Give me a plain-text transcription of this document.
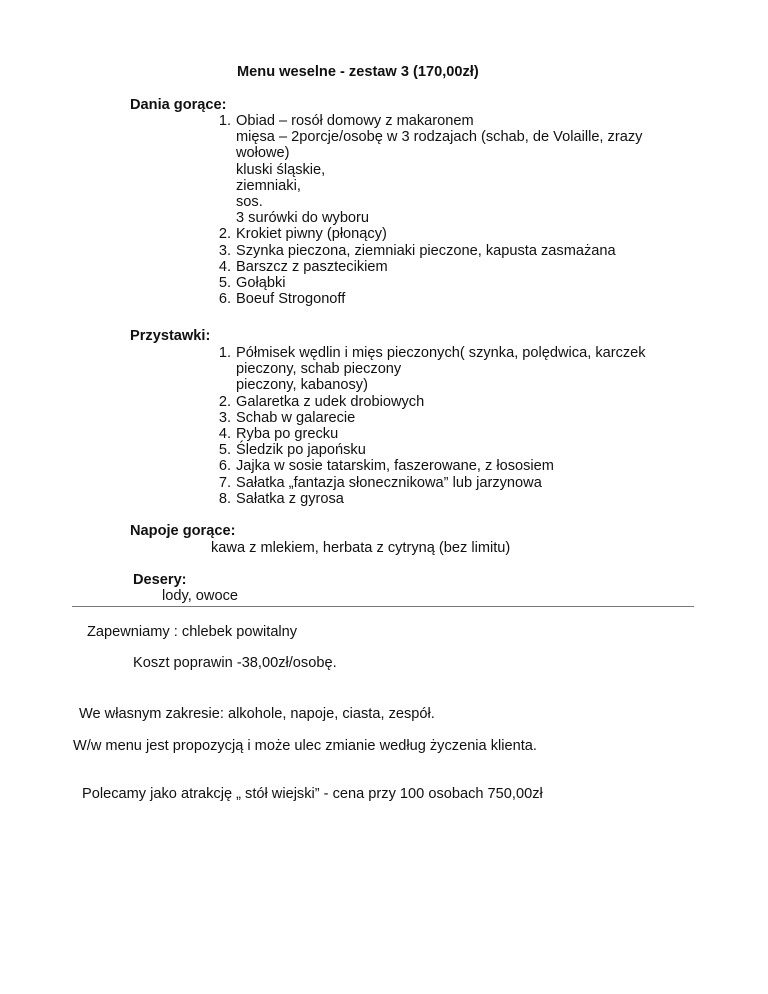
Menu weselne - zestaw 3 (170,00zł)
Dania gorące:
1. Obiad – rosół domowy z makaronem
mięsa – 2porcje/osobę w 3 rodzajach (schab, de Volaille, zrazy
wołowe)
kluski śląskie,
ziemniaki,
sos.
3 surówki do wyboru
2. Krokiet piwny (płonący)
3. Szynka pieczona, ziemniaki pieczone, kapusta zasmażana
4. Barszcz z pasztecikiem
5. Gołąbki
6. Boeuf Strogonoff
Przystawki:
1. Półmisek wędlin i mięs pieczonych( szynka, polędwica, karczek
pieczony, schab pieczony
pieczony, kabanosy)
2. Galaretka z udek drobiowych
3. Schab w galarecie
4. Ryba po grecku
5. Śledzik po japońsku
6. Jajka w sosie tatarskim, faszerowane, z łososiem
7. Sałatka „fantazja słonecznikowa” lub jarzynowa
8. Sałatka z gyrosa
Napoje gorące:
kawa z mlekiem, herbata z cytryną (bez limitu)
Desery:
lody, owoce
Zapewniamy : chlebek powitalny
Koszt poprawin -38,00zł/osobę.
We własnym zakresie: alkohole, napoje, ciasta, zespół.
W/w menu jest propozycją i może ulec zmianie według życzenia klienta.
Polecamy jako atrakcję „ stół wiejski” - cena przy 100 osobach 750,00zł
